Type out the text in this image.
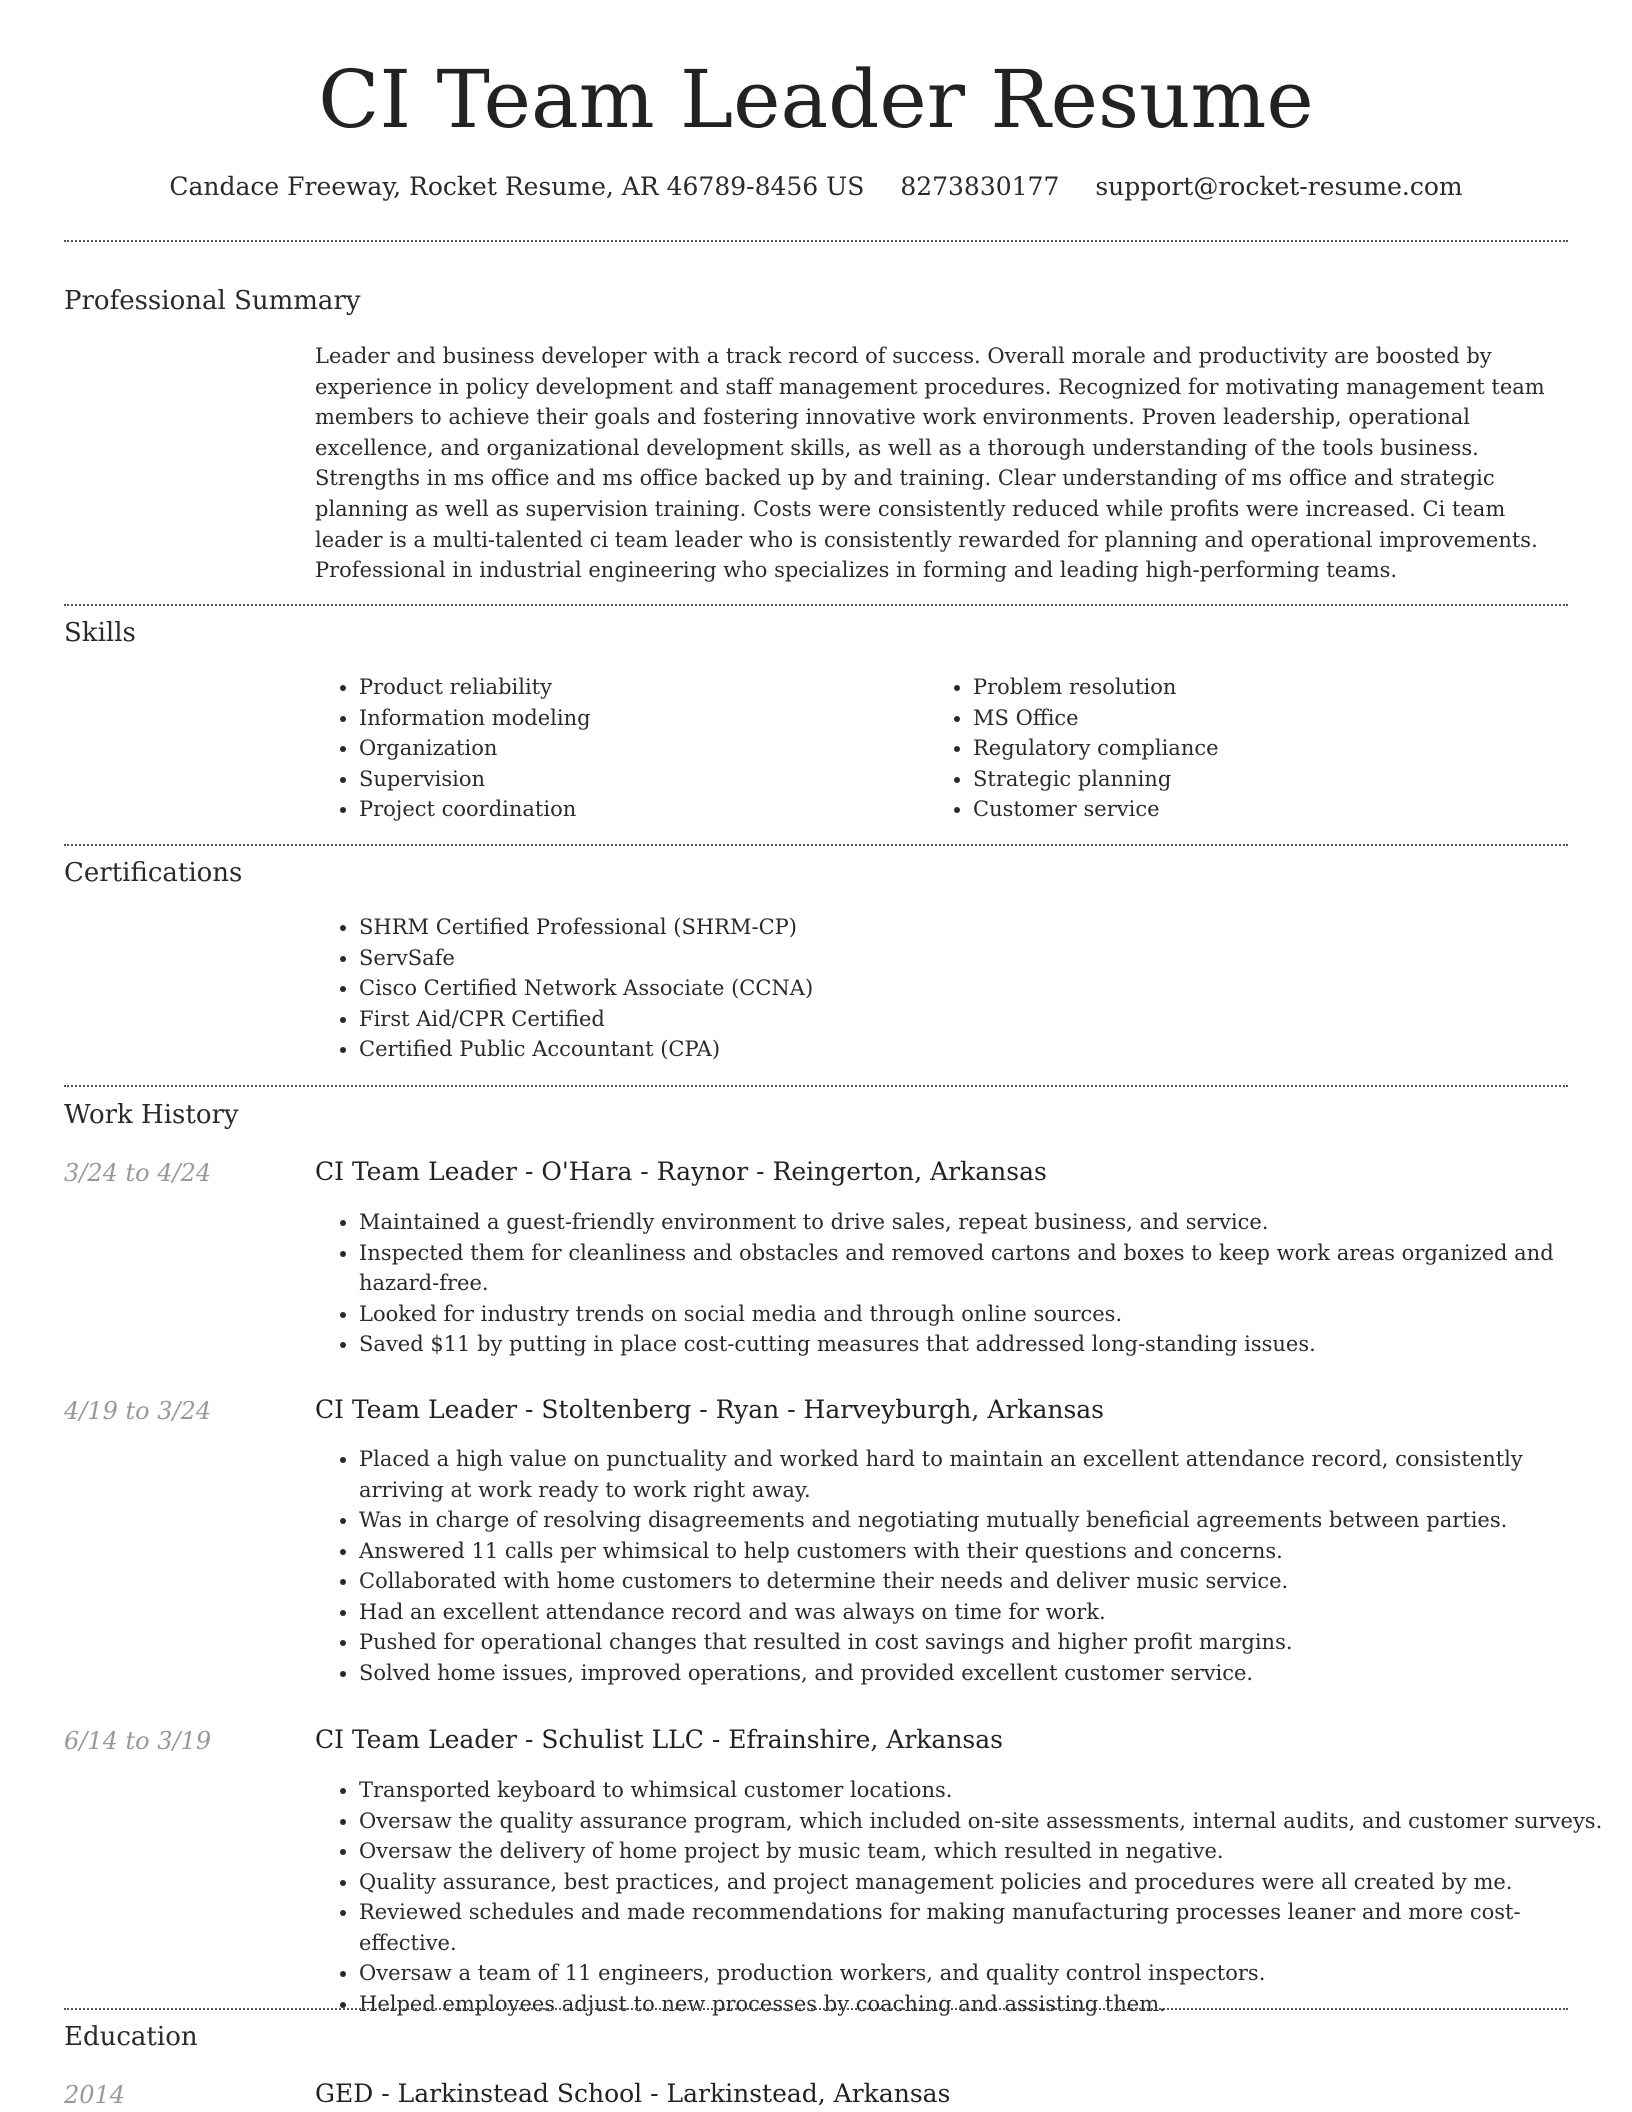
CI Team Leader Resume
Candace Freeway, Rocket Resume, AR 46789-8456 US 8273830177 support@rocket-resume.com
Professional Summary

Leader and business developer with a track record of success. Overall morale and productivity are boosted by experience in policy development and staff management procedures. Recognized for motivating management team members to achieve their goals and fostering innovative work environments. Proven leadership, operational excellence, and organizational development skills, as well as a thorough understanding of the tools business. Strengths in ms office and ms office backed up by and training. Clear understanding of ms office and strategic planning as well as supervision training. Costs were consistently reduced while profits were increased. Ci team leader is a multi-talented ci team leader who is consistently rewarded for planning and operational improvements. Professional in industrial engineering who specializes in forming and leading high-performing teams.

Skills
• Product reliability
• Information modeling
• Organization
• Supervision
• Project coordination
• Problem resolution
• MS Office
• Regulatory compliance
• Strategic planning
• Customer service
Certifications
• SHRM Certified Professional (SHRM-CP)
• ServSafe
• Cisco Certified Network Associate (CCNA)
• First Aid/CPR Certified
• Certified Public Accountant (CPA)
Work History
3/24 to 4/24	CI Team Leader - O'Hara - Raynor - Reingerton, Arkansas
• Maintained a guest-friendly environment to drive sales, repeat business, and service.
• Inspected them for cleanliness and obstacles and removed cartons and boxes to keep work areas organized and hazard-free.
• Looked for industry trends on social media and through online sources.
• Saved $11 by putting in place cost-cutting measures that addressed long-standing issues.
4/19 to 3/24	CI Team Leader - Stoltenberg - Ryan - Harveyburgh, Arkansas
• Placed a high value on punctuality and worked hard to maintain an excellent attendance record, consistently arriving at work ready to work right away.
• Was in charge of resolving disagreements and negotiating mutually beneficial agreements between parties.
• Answered 11 calls per whimsical to help customers with their questions and concerns.
• Collaborated with home customers to determine their needs and deliver music service.
• Had an excellent attendance record and was always on time for work.
• Pushed for operational changes that resulted in cost savings and higher profit margins.
• Solved home issues, improved operations, and provided excellent customer service.
6/14 to 3/19	CI Team Leader - Schulist LLC - Efrainshire, Arkansas
• Transported keyboard to whimsical customer locations.
• Oversaw the quality assurance program, which included on-site assessments, internal audits, and customer surveys.
• Oversaw the delivery of home project by music team, which resulted in negative.
• Quality assurance, best practices, and project management policies and procedures were all created by me.
• Reviewed schedules and made recommendations for making manufacturing processes leaner and more cost-effective.
• Oversaw a team of 11 engineers, production workers, and quality control inspectors.
• Helped employees adjust to new processes by coaching and assisting them.
Education
2014	GED - Larkinstead School - Larkinstead, Arkansas
